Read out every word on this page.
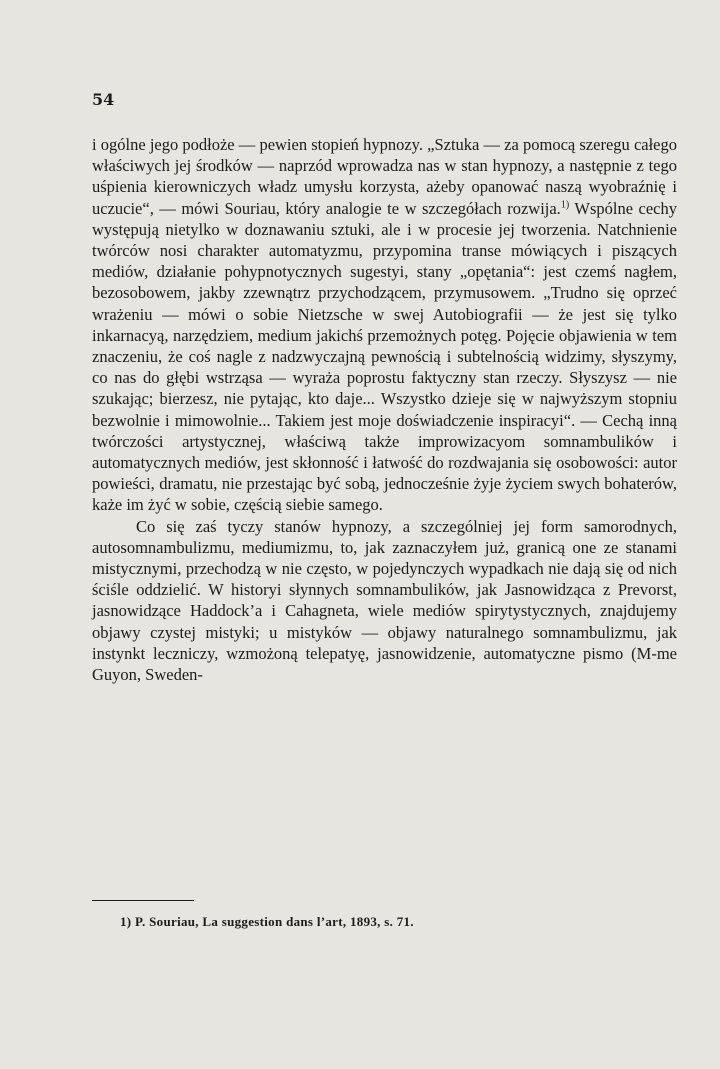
54

i ogólne jego podłoże — pewien stopień hypnozy. „Sztuka — za pomocą szeregu całego właściwych jej środków — naprzód wprowadza nas w stan hypnozy, a następnie z tego uśpienia kierowniczych władz umysłu korzysta, ażeby opanować naszą wyobraźnię i uczucie“, — mówi Souriau, który analogie te w szczegółach rozwija.$^{1)}$ Wspólne cechy występują nietylko w doznawaniu sztuki, ale i w procesie jej tworzenia. Natchnienie twórców nosi charakter automatyzmu, przypomina transe mówiących i piszących mediów, działanie pohypnotycznych sugestyi, stany „opętania“: jest czemś nagłem, bezosobowem, jakby zzewnątrz przychodzącem, przymusowem. „Trudno się oprzeć wrażeniu — mówi o sobie Nietzsche w swej Autobiografii — że jest się tylko inkarnacyą, narzędziem, medium jakichś przemożnych potęg. Pojęcie objawienia w tem znaczeniu, że coś nagle z nadzwyczajną pewnością i subtelnością widzimy, słyszymy, co nas do głębi wstrząsa — wyraża poprostu faktyczny stan rzeczy. Słyszysz — nie szukając; bierzesz, nie pytając, kto daje... Wszystko dzieje się w najwyższym stopniu bezwolnie i mimowolnie... Takiem jest moje doświadczenie inspiracyi“. — Cechą inną twórczości artystycznej, właściwą także improwizacyom somnambulików i automatycznych mediów, jest skłonność i łatwość do rozdwajania się osobowości: autor powieści, dramatu, nie przestając być sobą, jednocześnie żyje życiem swych bohaterów, każe im żyć w sobie, częścią siebie samego.

Co się zaś tyczy stanów hypnozy, a szczególniej jej form samorodnych, autosomnambulizmu, mediumizmu, to, jak zaznaczyłem już, granicą one ze stanami mistycznymi, przechodzą w nie często, w pojedynczych wypadkach nie dają się od nich ściśle oddzielić. W historyi słynnych somnambulików, jak Jasnowidząca z Prevorst, jasnowidzące Haddock’a i Cahagneta, wiele mediów spirytystycznych, znajdujemy objawy czystej mistyki; u mistyków — objawy naturalnego somnambulizmu, jak instynkt leczniczy, wzmożoną telepatyę, jasnowidzenie, automatyczne pismo (M-me Guyon, Sweden-

1) P. Souriau, La suggestion dans l’art, 1893, s. 71.
